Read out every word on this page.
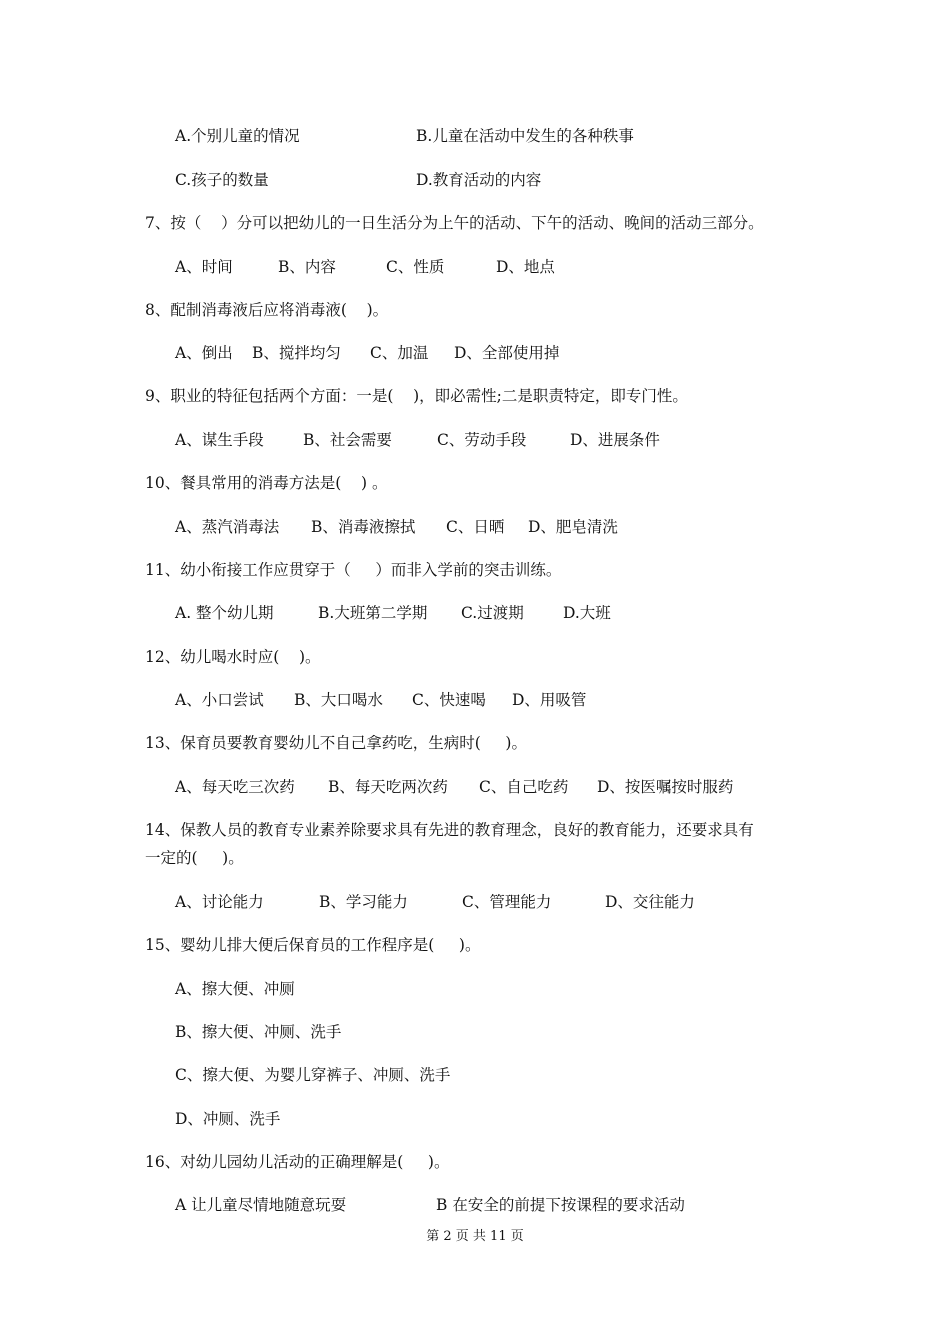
A.个别儿童的情况	B.儿童在活动中发生的各种秩事
C.孩子的数量	D.教育活动的内容
7、按（    ）分可以把幼儿的一日生活分为上午的活动、下午的活动、晚间的活动三部分。
A、时间	B、内容	C、性质	D、地点
8、配制消毒液后应将消毒液(    )。
A、倒出 B、搅拌均匀 C、加温 D、全部使用掉
9、职业的特征包括两个方面：一是(    )，即必需性;二是职责特定，即专门性。
A、谋生手段	B、社会需要	C、劳动手段	D、进展条件
10、餐具常用的消毒方法是(    ) 。
A、蒸汽消毒法 B、消毒液擦拭 C、日晒 D、肥皂清洗
11、幼小衔接工作应贯穿于（     ）而非入学前的突击训练。
A. 整个幼儿期	B.大班第二学期 C.过渡期	D.大班
12、幼儿喝水时应(    )。
A、小口尝试 B、大口喝水 C、快速喝 D、用吸管
13、保育员要教育婴幼儿不自己拿药吃，生病时(     )。
A、每天吃三次药 B、每天吃两次药 C、自己吃药 D、按医嘱按时服药
14、保教人员的教育专业素养除要求具有先进的教育理念，良好的教育能力，还要求具有
一定的(     )。
A、讨论能力	B、学习能力	C、管理能力	D、交往能力
15、婴幼儿排大便后保育员的工作程序是(     )。
A、擦大便、冲厕
B、擦大便、冲厕、洗手
C、擦大便、为婴儿穿裤子、冲厕、洗手
D、冲厕、洗手
16、对幼儿园幼儿活动的正确理解是(     )。
A 让儿童尽情地随意玩耍	B 在安全的前提下按课程的要求活动
第 2 页 共 11 页
